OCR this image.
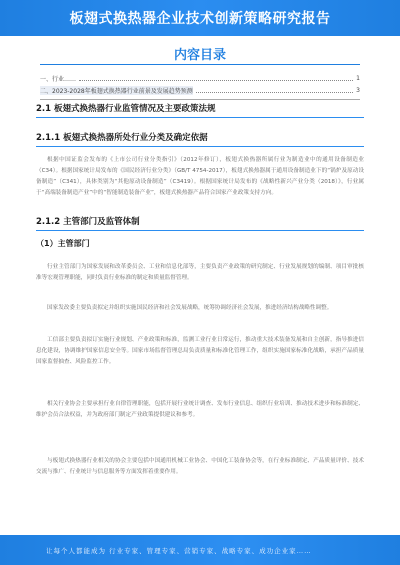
板翅式换热器企业技术创新策略研究报告
内容目录
一、行业……	1
二、2023-2028年板翅式换热器行业前景及发展趋势预测	3
2.1 板翅式换热器行业监管情况及主要政策法规
2.1.1 板翅式换热器所处行业分类及确定依据
根据中国证监会发布的《上市公司行业分类指引》（2012年修订），板翅式换热器所属行业为制造业中的通用设备制造业（C34）。根据国家统计局发布的《国民经济行业分类》（GB/T 4754-2017），板翅式换热器属于通用设备制造业下的“锅炉及原动设备制造”（C341），具体类别为“其他原动设备制造”（C3419）。根据国家统计局发布的《战略性新兴产业分类（2018）》，行业属于“高端装备制造产业”中的“智能制造装备产业”，板翅式换热器产品符合国家产业政策支持方向。
2.1.2 主管部门及监管体制
（1）主管部门
行业主管部门为国家发展和改革委员会、工业和信息化部等，主要负责产业政策的研究制定、行业发展规划的编制、项目审批核准等宏观管理职能，同时负责行业标准的制定和质量监督管理。
国家发改委主要负责拟定并组织实施国民经济和社会发展战略，统筹协调经济社会发展，推进经济结构战略性调整。
工信部主要负责拟订实施行业规划、产业政策和标准，监测工业行业日常运行，推动重大技术装备发展和自主创新，指导推进信息化建设，协调维护国家信息安全等。国家市场监督管理总局负责质量和标准化管理工作，组织实施国家标准化战略，承担产品质量国家监督抽查、风险监控工作。
相关行业协会主要承担行业自律管理职能，包括开展行业统计调查、发布行业信息、组织行业培训、推动技术进步和标准制定、维护会员合法权益，并为政府部门制定产业政策提供建议和参考。
与板翅式换热器行业相关的协会主要包括中国通用机械工业协会、中国化工装备协会等，在行业标准制定、产品质量评价、技术交流与推广、行业统计与信息服务等方面发挥着重要作用。
让每个人都能成为 行业专家、管理专家、营销专家、战略专家、成功企业家……
